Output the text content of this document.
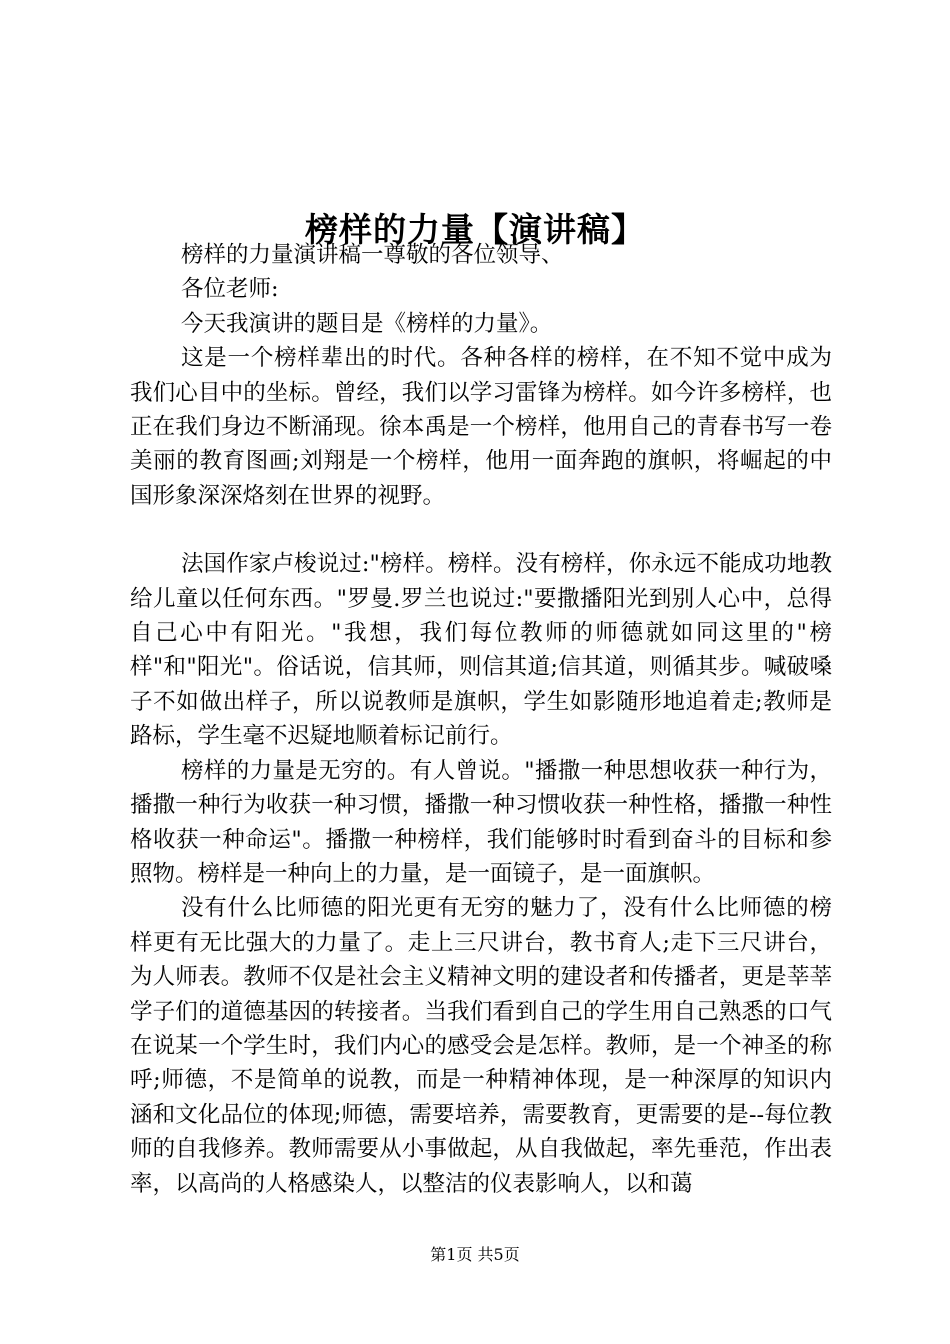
榜样的力量【演讲稿】

榜样的力量演讲稿一尊敬的各位领导、

各位老师:

今天我演讲的题目是《榜样的力量》。

这是一个榜样辈出的时代。各种各样的榜样，在不知不觉中成为我们心目中的坐标。曾经，我们以学习雷锋为榜样。如今许多榜样，也正在我们身边不断涌现。徐本禹是一个榜样，他用自己的青春书写一卷美丽的教育图画;刘翔是一个榜样，他用一面奔跑的旗帜，将崛起的中国形象深深烙刻在世界的视野。

法国作家卢梭说过:"榜样。榜样。没有榜样，你永远不能成功地教给儿童以任何东西。"罗曼.罗兰也说过:"要撒播阳光到别人心中，总得自己心中有阳光。"我想，我们每位教师的师德就如同这里的"榜样"和"阳光"。俗话说，信其师，则信其道;信其道，则循其步。喊破嗓子不如做出样子，所以说教师是旗帜，学生如影随形地追着走;教师是路标，学生毫不迟疑地顺着标记前行。

榜样的力量是无穷的。有人曾说。"播撒一种思想收获一种行为，播撒一种行为收获一种习惯，播撒一种习惯收获一种性格，播撒一种性格收获一种命运"。播撒一种榜样，我们能够时时看到奋斗的目标和参照物。榜样是一种向上的力量，是一面镜子，是一面旗帜。

没有什么比师德的阳光更有无穷的魅力了，没有什么比师德的榜样更有无比强大的力量了。走上三尺讲台，教书育人;走下三尺讲台，为人师表。教师不仅是社会主义精神文明的建设者和传播者，更是莘莘学子们的道德基因的转接者。当我们看到自己的学生用自己熟悉的口气在说某一个学生时，我们内心的感受会是怎样。教师，是一个神圣的称呼;师德，不是简单的说教，而是一种精神体现，是一种深厚的知识内涵和文化品位的体现;师德，需要培养，需要教育，更需要的是--每位教师的自我修养。教师需要从小事做起，从自我做起，率先垂范，作出表率，以高尚的人格感染人，以整洁的仪表影响人，以和蔼

第1页 共5页
